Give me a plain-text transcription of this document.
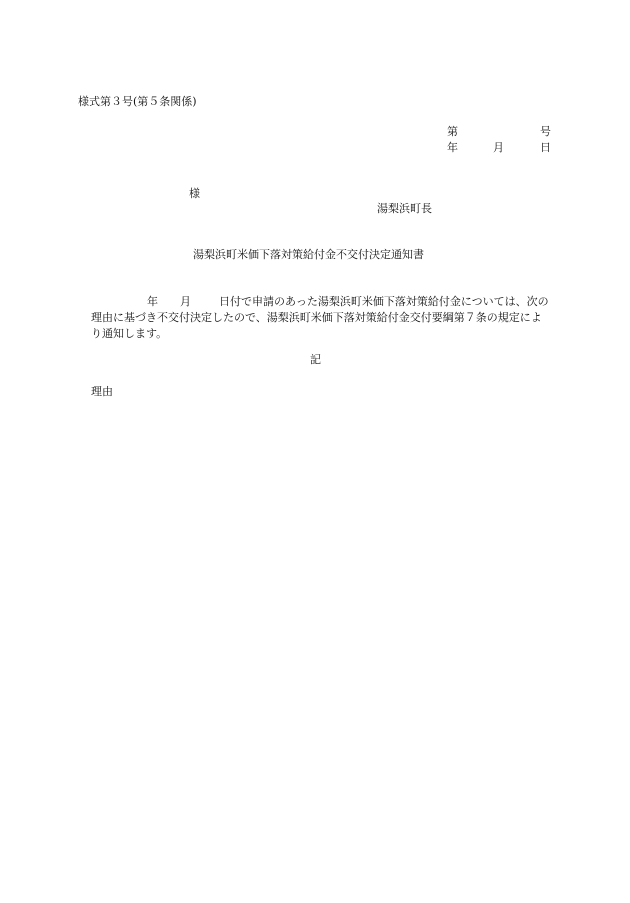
様式第３号(第５条関係)
第	号
年	月	日
様
湯梨浜町長
湯梨浜町米価下落対策給付金不交付決定通知書
年 月	日付で申請のあった湯梨浜町米価下落対策給付金については、次の理由に基づき不交付決定したので、湯梨浜町米価下落対策給付金交付要綱第７条の規定により通知します。
記
理由
